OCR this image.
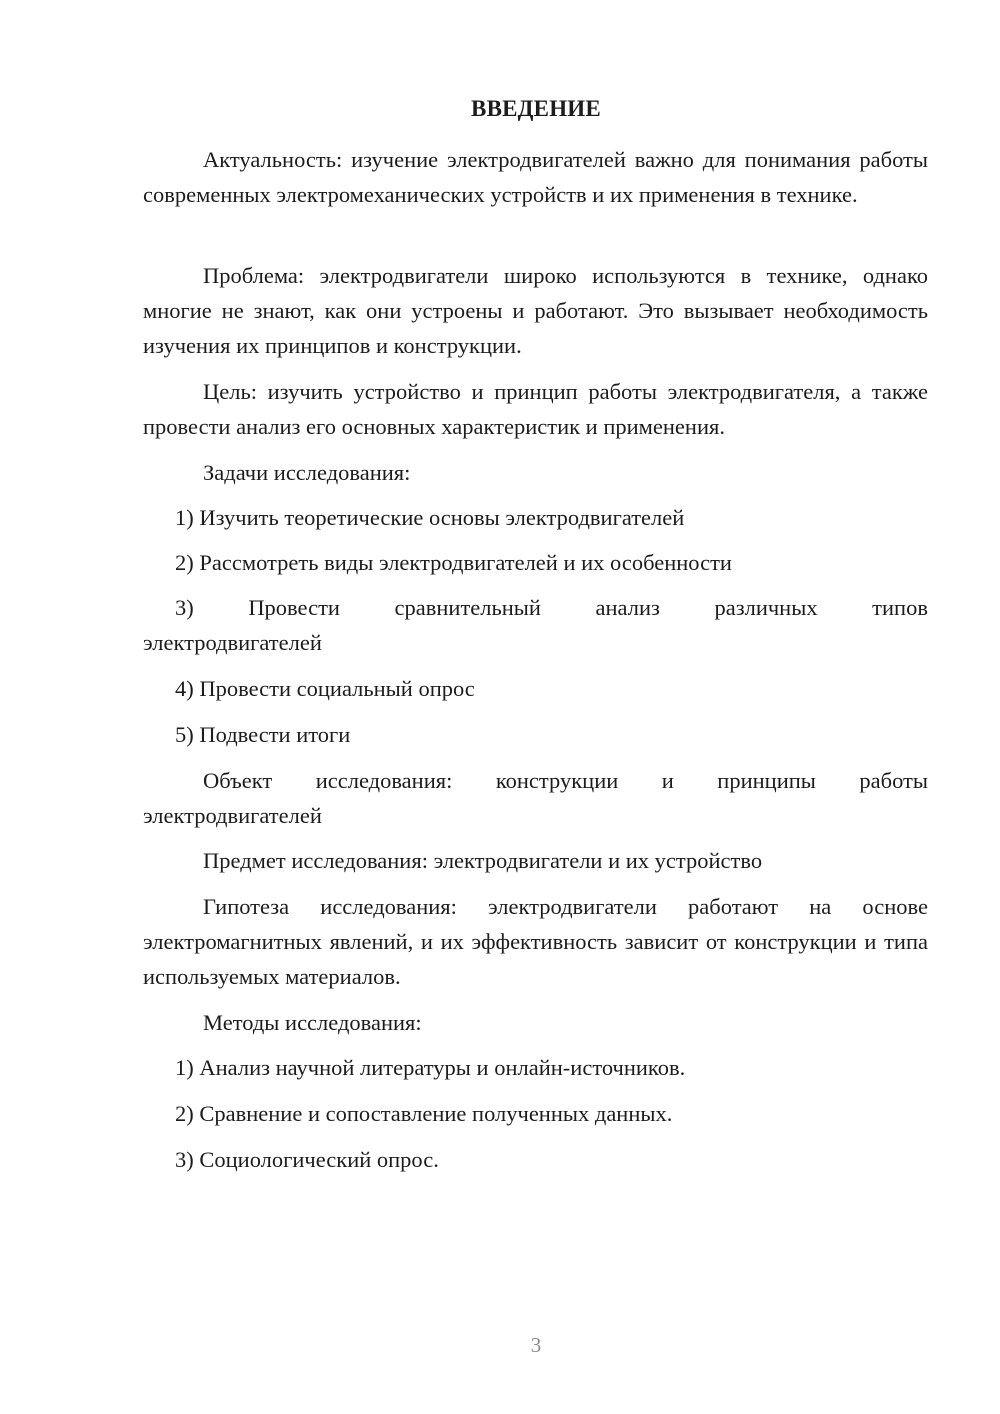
ВВЕДЕНИЕ
Актуальность: изучение электродвигателей важно для понимания работы современных электромеханических устройств и их применения в технике.
Проблема: электродвигатели широко используются в технике, однако многие не знают, как они устроены и работают. Это вызывает необходимость изучения их принципов и конструкции.
Цель: изучить устройство и принцип работы электродвигателя, а также провести анализ его основных характеристик и применения.
Задачи исследования:
1) Изучить теоретические основы электродвигателей
2) Рассмотреть виды электродвигателей и их особенности
3) Провести сравнительный анализ различных типов
электродвигателей
4) Провести социальный опрос
5) Подвести итоги
Объект исследования: конструкции и принципы работы
электродвигателей
Предмет исследования: электродвигатели и их устройство
Гипотеза исследования: электродвигатели работают на основе электромагнитных явлений, и их эффективность зависит от конструкции и типа используемых материалов.
Методы исследования:
1) Анализ научной литературы и онлайн-источников.
2) Сравнение и сопоставление полученных данных.
3) Социологический опрос.
3
